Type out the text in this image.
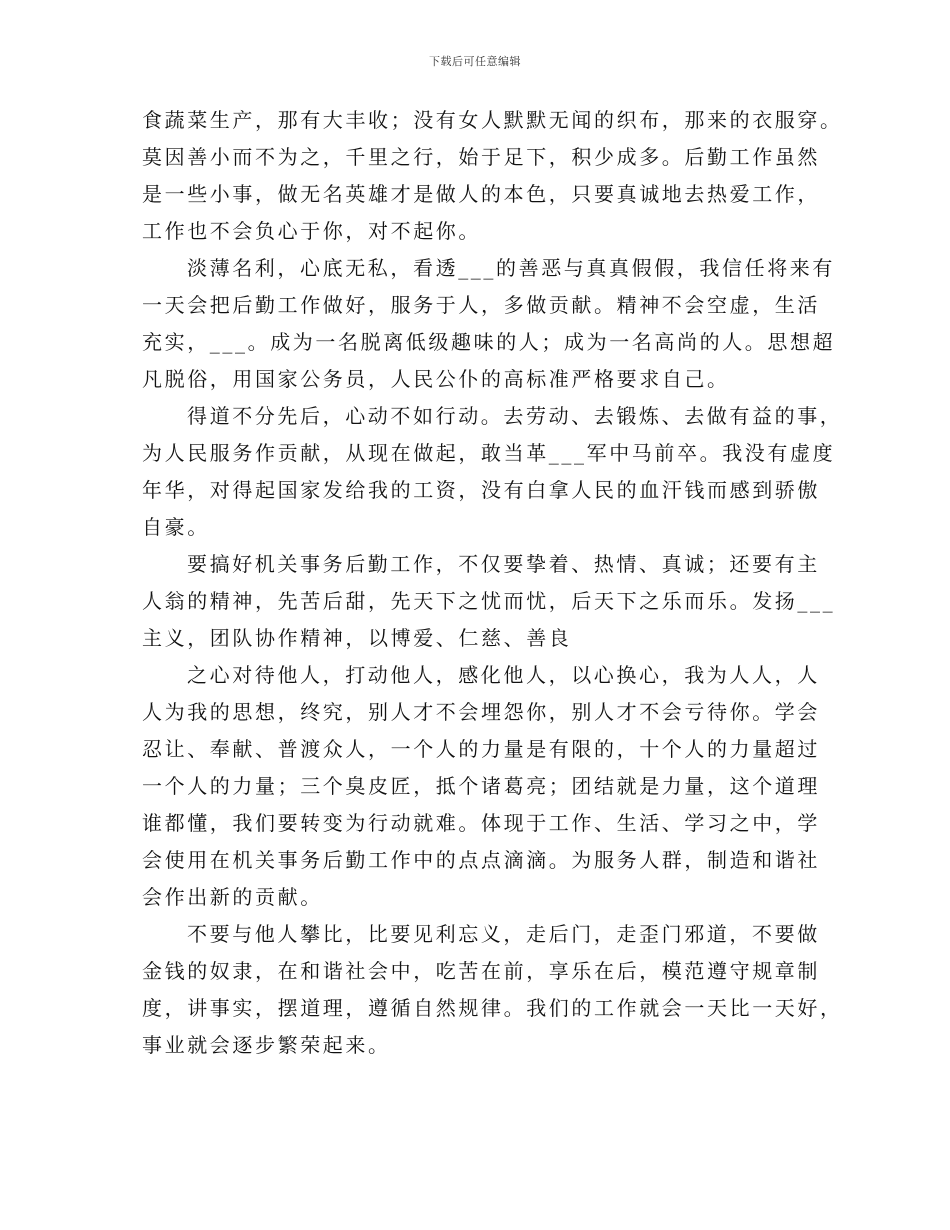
下载后可任意编辑
食蔬菜生产，那有大丰收；没有女人默默无闻的织布，那来的衣服穿。
莫因善小而不为之，千里之行，始于足下，积少成多。后勤工作虽然
是一些小事，做无名英雄才是做人的本色，只要真诚地去热爱工作，
工作也不会负心于你，对不起你。
淡薄名利，心底无私，看透___的善恶与真真假假，我信任将来有
一天会把后勤工作做好，服务于人，多做贡献。精神不会空虚，生活
充实，___。成为一名脱离低级趣味的人；成为一名高尚的人。思想超
凡脱俗，用国家公务员，人民公仆的高标准严格要求自己。
得道不分先后，心动不如行动。去劳动、去锻炼、去做有益的事，
为人民服务作贡献，从现在做起，敢当革___军中马前卒。我没有虚度
年华，对得起国家发给我的工资，没有白拿人民的血汗钱而感到骄傲
自豪。
要搞好机关事务后勤工作，不仅要挚着、热情、真诚；还要有主
人翁的精神，先苦后甜，先天下之忧而忧，后天下之乐而乐。发扬___
主义，团队协作精神，以博爱、仁慈、善良
之心对待他人，打动他人，感化他人，以心换心，我为人人，人
人为我的思想，终究，别人才不会埋怨你，别人才不会亏待你。学会
忍让、奉献、普渡众人，一个人的力量是有限的，十个人的力量超过
一个人的力量；三个臭皮匠，抵个诸葛亮；团结就是力量，这个道理
谁都懂，我们要转变为行动就难。体现于工作、生活、学习之中，学
会使用在机关事务后勤工作中的点点滴滴。为服务人群，制造和谐社
会作出新的贡献。
不要与他人攀比，比要见利忘义，走后门，走歪门邪道，不要做
金钱的奴隶，在和谐社会中，吃苦在前，享乐在后，模范遵守规章制
度，讲事实，摆道理，遵循自然规律。我们的工作就会一天比一天好，
事业就会逐步繁荣起来。
